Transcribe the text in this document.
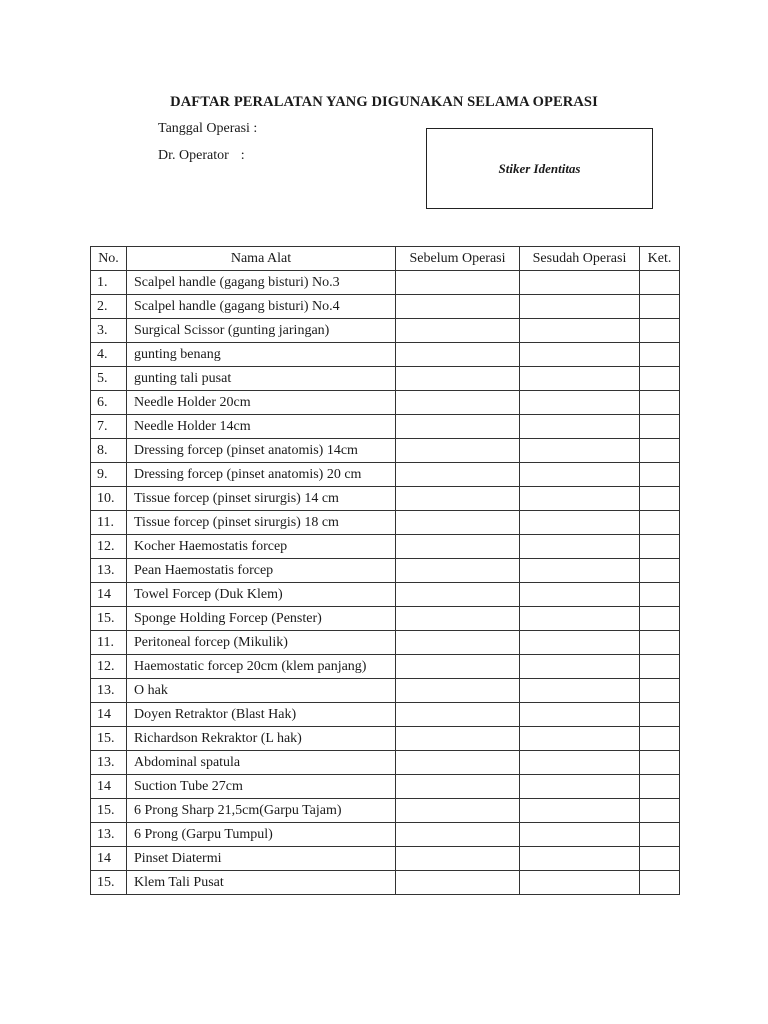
DAFTAR PERALATAN YANG DIGUNAKAN SELAMA OPERASI
Tanggal Operasi :
Dr. Operator :
Stiker Identitas
No.	Nama Alat	Sebelum Operasi	Sesudah Operasi	Ket.
1.	Scalpel handle (gagang bisturi) No.3			
2.	Scalpel handle (gagang bisturi) No.4			
3.	Surgical Scissor (gunting jaringan)			
4.	gunting benang			
5.	gunting tali pusat			
6.	Needle Holder 20cm			
7.	Needle Holder 14cm			
8.	Dressing forcep (pinset anatomis) 14cm			
9.	Dressing forcep (pinset anatomis) 20 cm			
10.	Tissue forcep (pinset sirurgis) 14 cm			
11.	Tissue forcep (pinset sirurgis) 18 cm			
12.	Kocher Haemostatis forcep			
13.	Pean Haemostatis forcep			
14	Towel Forcep (Duk Klem)			
15.	Sponge Holding Forcep (Penster)			
11.	Peritoneal forcep (Mikulik)			
12.	Haemostatic forcep 20cm (klem panjang)			
13.	O hak			
14	Doyen Retraktor (Blast Hak)			
15.	Richardson Rekraktor (L hak)			
13.	Abdominal spatula			
14	Suction Tube 27cm			
15.	6 Prong Sharp 21,5cm(Garpu Tajam)			
13.	6 Prong (Garpu Tumpul)			
14	Pinset Diatermi			
15.	Klem Tali Pusat			
